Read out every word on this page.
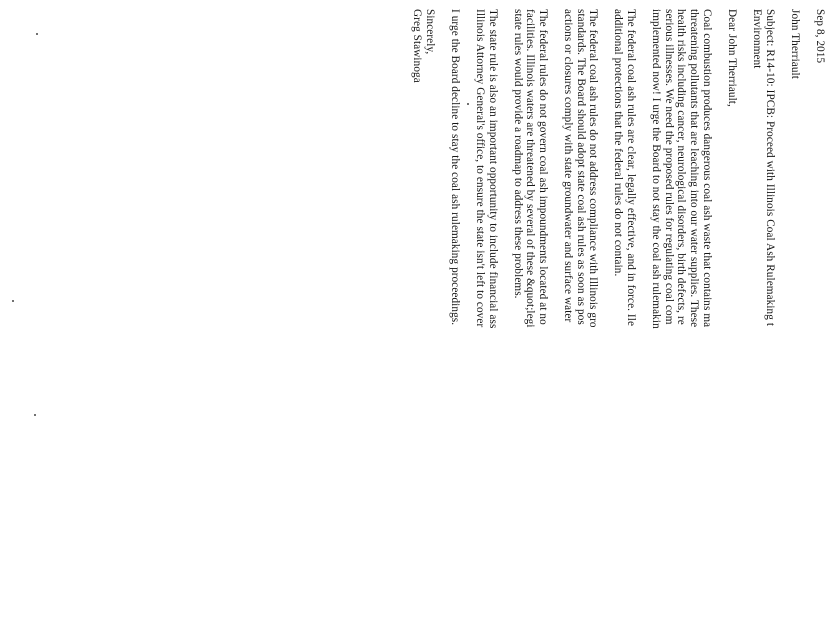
Sep 8, 2015
John Therriault
Subject: R14-10: IPCB: Proceed with Illinois Coal Ash Rulemaking t
Environment
Dear John Therriault,
Coal combustion produces dangerous coal ash waste that contains ma
threatening pollutants that are leaching into our water supplies. These
health risks including cancer, neurological disorders, birth defects, re
serious illnesses. We need the proposed rules for regulating coal com
implemented now! I urge the Board to not stay the coal ash rulemakin
The federal coal ash rules are clear, legally effective, and in force. Ile
additional protections that the federal rules do not contain.
The federal coal ash rules do not address compliance with Illinois gro
standards. The Board should adopt state coal ash rules as soon as pos
actions or closures comply with state groundwater and surface water
The federal rules do not govern coal ash impoundments located at no
facilities. Illinois waters are threatened by several of these &quot;legi
state rules would provide a roadmap to address these problems.
The state rule is also an important opportunity to include financial ass
Illinois Attorney General's office, to ensure the state isn't left to cover
I urge the Board decline to stay the coal ash rulemaking proceedings.
Sincerely,
Greg Stawinoga
